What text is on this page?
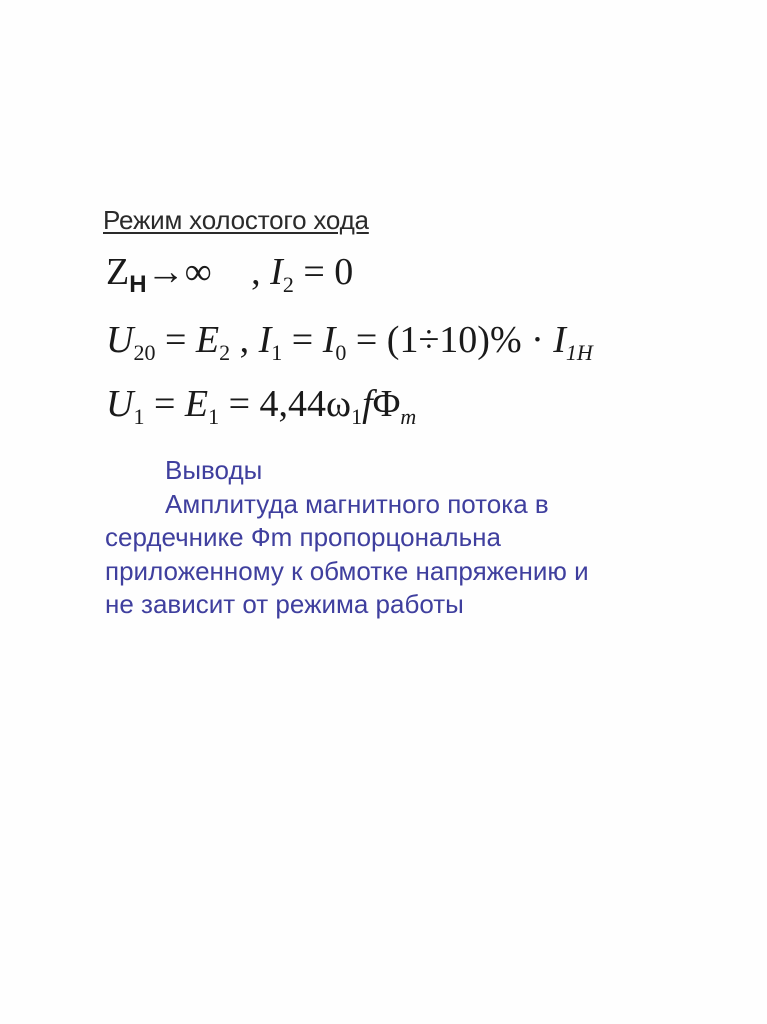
Режим холостого хода
$Z_Н\to\infty$ , $I_2 = 0$
$U_{20} = E_2$ , $I_1 = I_0 = (1\div 10)\% \cdot I_{1H}$
$U_1 = E_1 = 4,44\omega_1f\Phi_m$
Выводы
Амплитуда магнитного потока в
сердечнике Фm пропорцональна
приложенному к обмотке напряжению и
не зависит от режима работы
